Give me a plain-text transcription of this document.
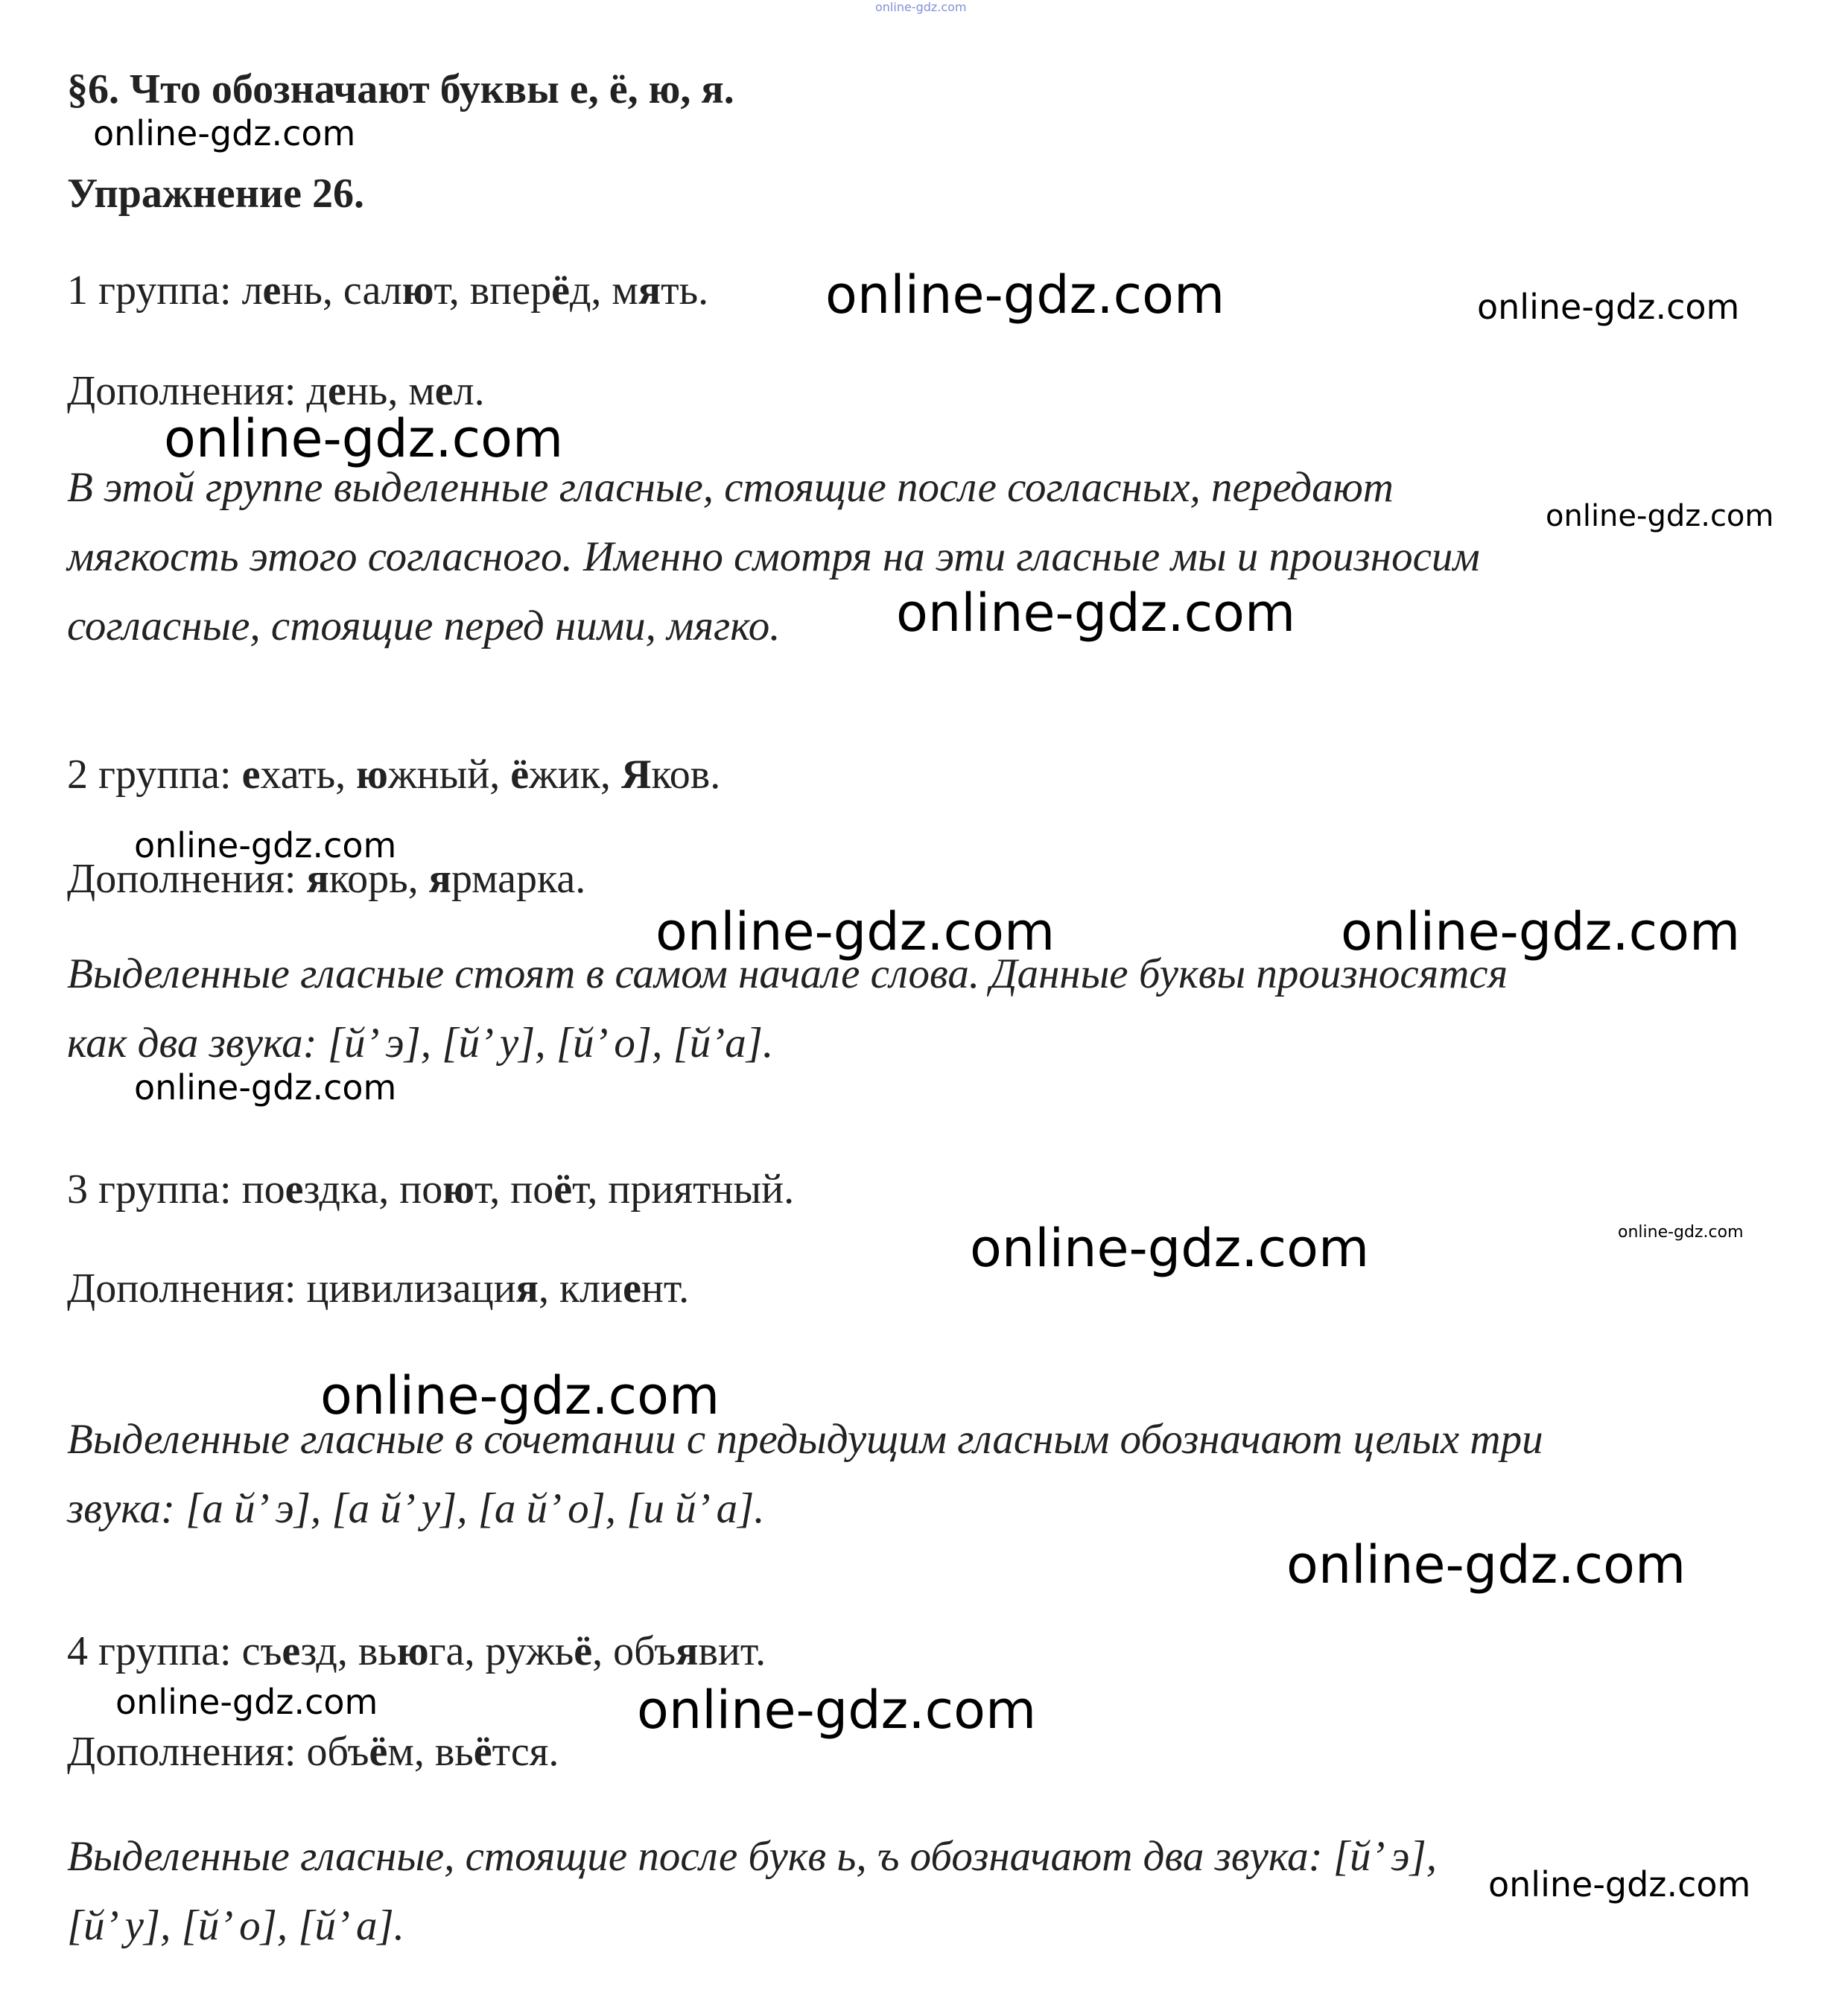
§6. Что обозначают буквы е, ё, ю, я.
Упражнение 26.
1 группа: лень, салют, вперёд, мять.
Дополнения: день, мел.
В этой группе выделенные гласные, стоящие после согласных, передают
мягкость этого согласного. Именно смотря на эти гласные мы и произносим
согласные, стоящие перед ними, мягко.
2 группа: ехать, южный, ёжик, Яков.
Дополнения: якорь, ярмарка.
Выделенные гласные стоят в самом начале слова. Данные буквы произносятся
как два звука: [й’ э], [й’ у], [й’ о], [й’а].
3 группа: поездка, поют, поёт, приятный.
Дополнения: цивилизация, клиент.
Выделенные гласные в сочетании с предыдущим гласным обозначают целых три
звука: [а й’ э], [а й’ у], [а й’ о], [и й’ а].
4 группа: съезд, вьюга, ружьё, объявит.
Дополнения: объём, вьётся.
Выделенные гласные, стоящие после букв ь, ъ обозначают два звука: [й’ э],
[й’ у], [й’ о], [й’ а].
online-gdz.com
online-gdz.com
online-gdz.com	online-gdz.com
online-gdz.com
online-gdz.com
online-gdz.com
online-gdz.com
online-gdz.com	online-gdz.com
online-gdz.com
online-gdz.com	online-gdz.com
online-gdz.com
online-gdz.com
online-gdz.com	online-gdz.com
online-gdz.com
